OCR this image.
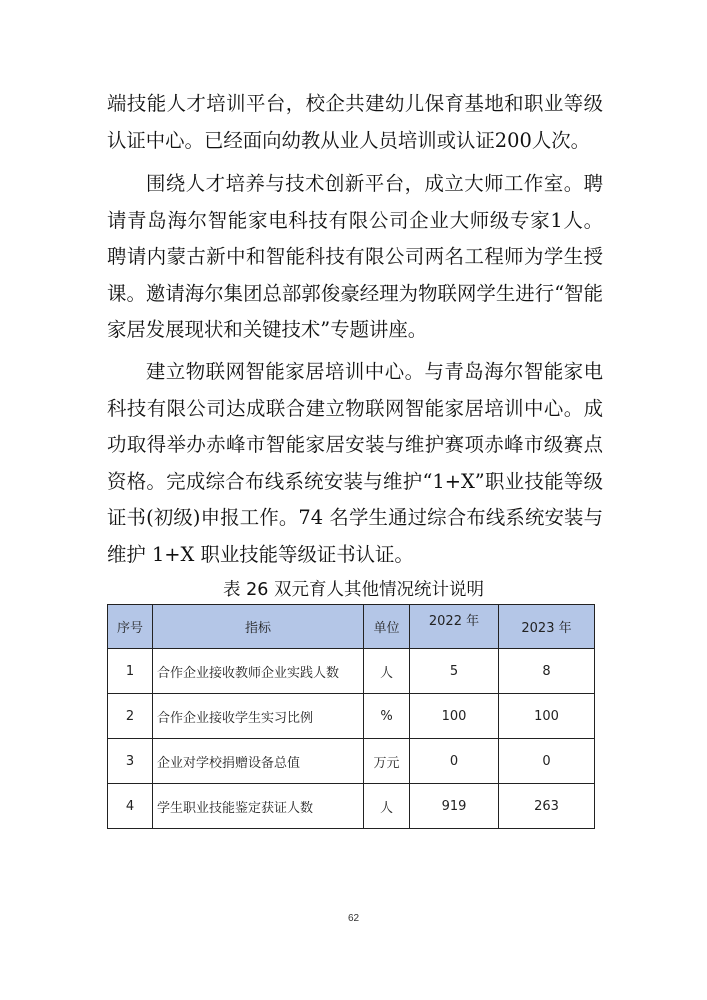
端技能人才培训平台，校企共建幼儿保育基地和职业等级认证中心。已经面向幼教从业人员培训或认证200人次。

围绕人才培养与技术创新平台，成立大师工作室。聘请青岛海尔智能家电科技有限公司企业大师级专家1人。聘请内蒙古新中和智能科技有限公司两名工程师为学生授课。邀请海尔集团总部郭俊豪经理为物联网学生进行“智能家居发展现状和关键技术”专题讲座。

建立物联网智能家居培训中心。与青岛海尔智能家电科技有限公司达成联合建立物联网智能家居培训中心。成功取得举办赤峰市智能家居安装与维护赛项赤峰市级赛点资格。完成综合布线系统安装与维护“1+X”职业技能等级证书(初级)申报工作。74 名学生通过综合布线系统安装与维护 1+X 职业技能等级证书认证。

表 26 双元育人其他情况统计说明
序号	指标	单位	2022 年	2023 年
1	合作企业接收教师企业实践人数	人	5	8
2	合作企业接收学生实习比例	%	100	100
3	企业对学校捐赠设备总值	万元	0	0
4	学生职业技能鉴定获证人数	人	919	263
62
